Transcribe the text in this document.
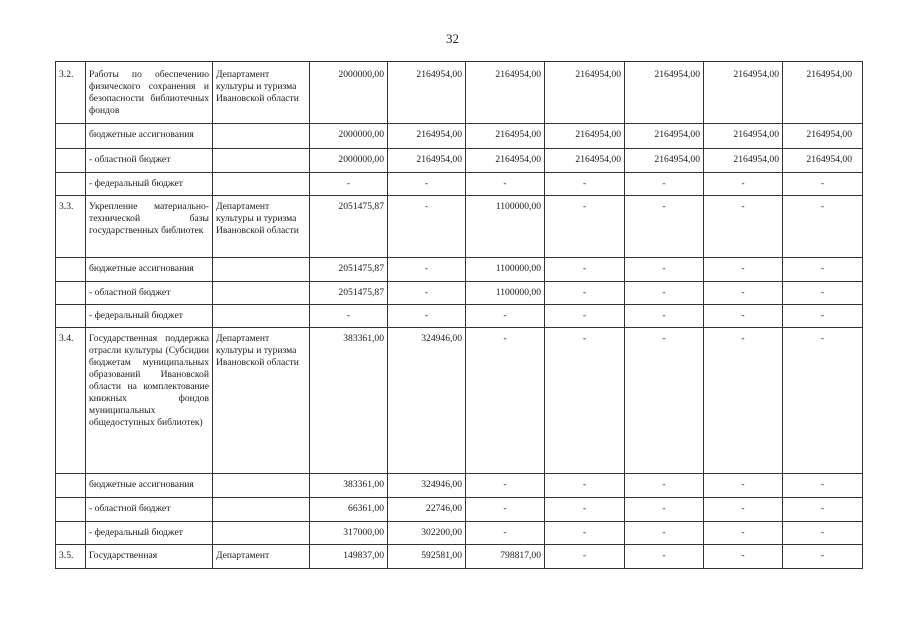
32
3.2.	Работы по обеспечению физического сохранения и безопасности библиотечных фондов	Департамент культуры и туризма Ивановской области	2000000,00	2164954,00	2164954,00	2164954,00	2164954,00	2164954,00	2164954,00
	бюджетные ассигнования		2000000,00	2164954,00	2164954,00	2164954,00	2164954,00	2164954,00	2164954,00
	- областной бюджет		2000000,00	2164954,00	2164954,00	2164954,00	2164954,00	2164954,00	2164954,00
	- федеральный бюджет		-	-	-	-	-	-	-
3.3.	Укрепление материально-технической базы государственных библиотек	Департамент культуры и туризма Ивановской области	2051475,87	-	1100000,00	-	-	-	-
	бюджетные ассигнования		2051475,87	-	1100000,00	-	-	-	-
	- областной бюджет		2051475,87	-	1100000,00	-	-	-	-
	- федеральный бюджет		-	-	-	-	-	-	-
3.4.	Государственная поддержка отрасли культуры (Субсидии бюджетам муниципальных образований Ивановской области на комплектование книжных фондов муниципальных общедоступных библиотек)	Департамент культуры и туризма Ивановской области	383361,00	324946,00	-	-	-	-	-
	бюджетные ассигнования		383361,00	324946,00	-	-	-	-	-
	- областной бюджет		66361,00	22746,00	-	-	-	-	-
	- федеральный бюджет		317000,00	302200,00	-	-	-	-	-
3.5.	Государственная	Департамент	149837,00	592581,00	798817,00	-	-	-	-
